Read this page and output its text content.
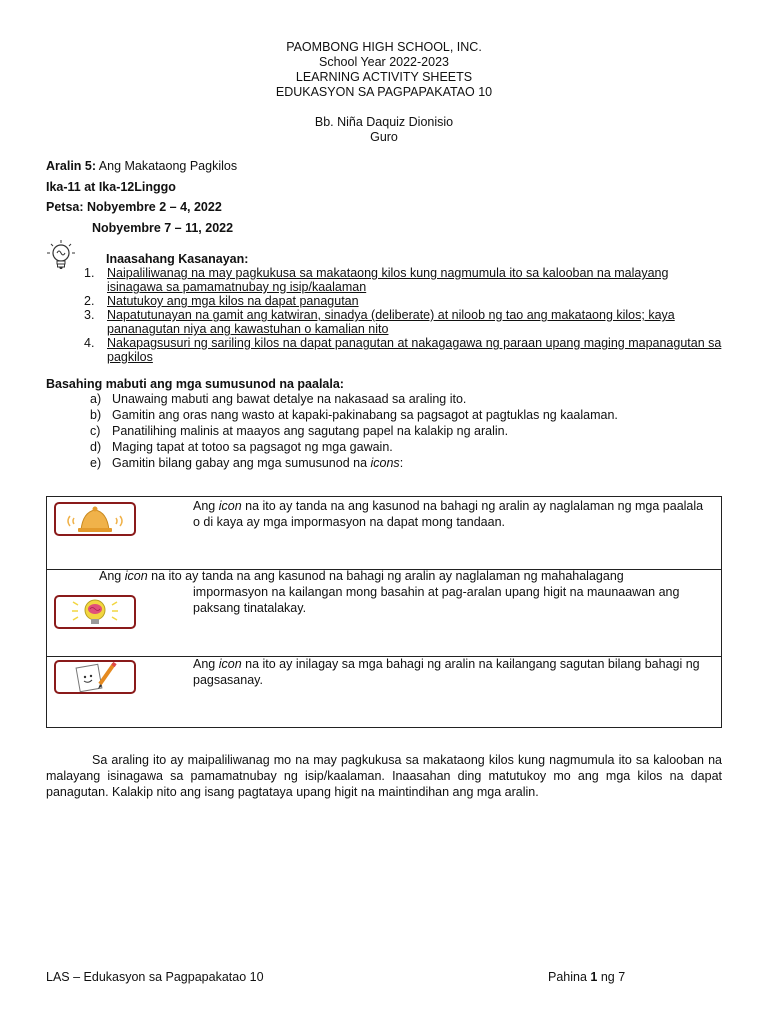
PAOMBONG HIGH SCHOOL, INC.
School Year 2022-2023
LEARNING ACTIVITY SHEETS
EDUKASYON SA PAGPAPAKATAO 10
Bb. Niña Daquiz Dionisio
Guro
Aralin 5: Ang Makataong Pagkilos
Ika-11 at Ika-12Linggo
Petsa: Nobyembre 2 – 4, 2022
Nobyembre 7 – 11, 2022
Inaasahang Kasanayan:
1. Naipaliliwanag na may pagkukusa sa makataong kilos kung nagmumula ito sa kalooban na malayang isinagawa sa pamamatnubay ng isip/kaalaman
2. Natutukoy ang mga kilos na dapat panagutan
3. Napatutunayan na gamit ang katwiran, sinadya (deliberate) at niloob ng tao ang makataong kilos; kaya pananagutan niya ang kawastuhan o kamalian nito
4. Nakapagsusuri ng sariling kilos na dapat panagutan at nakagagawa ng paraan upang maging mapanagutan sa pagkilos
Basahing mabuti ang mga sumusunod na paalala:
a) Unawaing mabuti ang bawat detalye na nakasaad sa araling ito.
b) Gamitin ang oras nang wasto at kapaki-pakinabang sa pagsagot at pagtuklas ng kaalaman.
c) Panatilihing malinis at maayos ang sagutang papel na kalakip ng aralin.
d) Maging tapat at totoo sa pagsagot ng mga gawain.
e) Gamitin bilang gabay ang mga sumusunod na icons:
Ang icon na ito ay tanda na ang kasunod na bahagi ng aralin ay naglalaman ng mga paalala o di kaya ay mga impormasyon na dapat mong tandaan.
Ang icon na ito ay tanda na ang kasunod na bahagi ng aralin ay naglalaman ng mahahalagang
impormasyon na kailangan mong basahin at pag-aralan upang higit na maunaawan ang paksang tinatalakay.
Ang icon na ito ay inilagay sa mga bahagi ng aralin na kailangang sagutan bilang bahagi ng pagsasanay.
Sa araling ito ay maipaliliwanag mo na may pagkukusa sa makataong kilos kung nagmumula ito sa kalooban na malayang isinagawa sa pamamatnubay ng isip/kaalaman. Inaasahan ding matutukoy mo ang mga kilos na dapat panagutan. Kalakip nito ang isang pagtataya upang higit na maintindihan ang mga aralin.
LAS – Edukasyon sa Pagpapakatao 10	Pahina 1 ng 7
